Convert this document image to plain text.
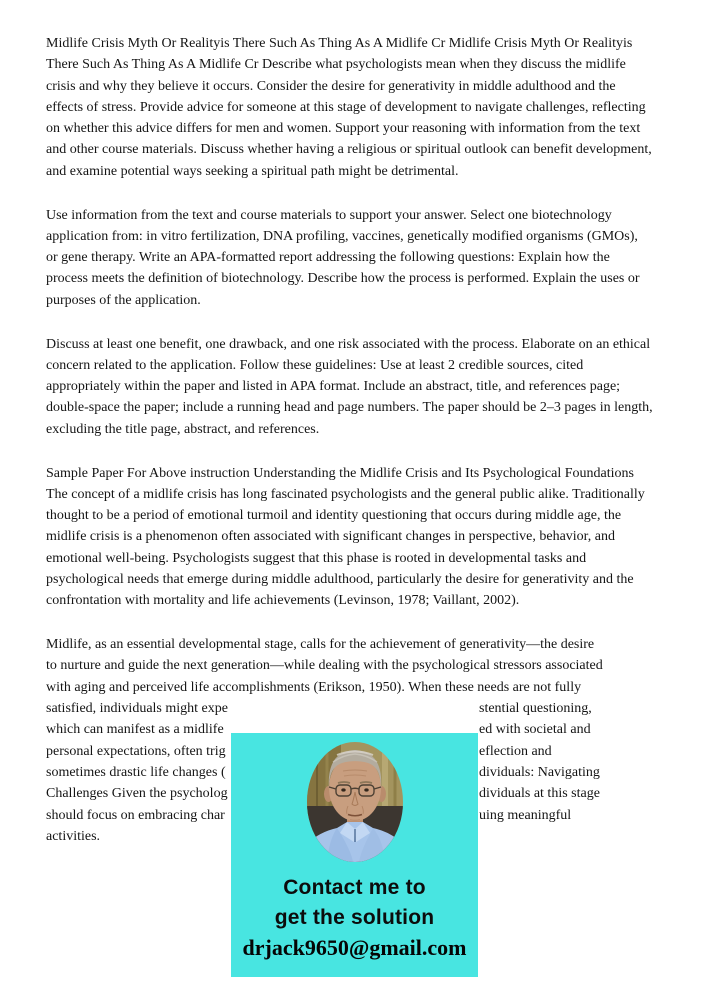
Midlife Crisis Myth Or Realityis There Such As Thing As A Midlife Cr Midlife Crisis Myth Or Realityis There Such As Thing As A Midlife Cr Describe what psychologists mean when they discuss the midlife crisis and why they believe it occurs. Consider the desire for generativity in middle adulthood and the effects of stress. Provide advice for someone at this stage of development to navigate challenges, reflecting on whether this advice differs for men and women. Support your reasoning with information from the text and other course materials. Discuss whether having a religious or spiritual outlook can benefit development, and examine potential ways seeking a spiritual path might be detrimental.

Use information from the text and course materials to support your answer. Select one biotechnology application from: in vitro fertilization, DNA profiling, vaccines, genetically modified organisms (GMOs), or gene therapy. Write an APA-formatted report addressing the following questions: Explain how the process meets the definition of biotechnology. Describe how the process is performed. Explain the uses or purposes of the application.

Discuss at least one benefit, one drawback, and one risk associated with the process. Elaborate on an ethical concern related to the application. Follow these guidelines: Use at least 2 credible sources, cited appropriately within the paper and listed in APA format. Include an abstract, title, and references page; double-space the paper; include a running head and page numbers. The paper should be 2–3 pages in length, excluding the title page, abstract, and references.

Sample Paper For Above instruction Understanding the Midlife Crisis and Its Psychological Foundations The concept of a midlife crisis has long fascinated psychologists and the general public alike. Traditionally thought to be a period of emotional turmoil and identity questioning that occurs during middle age, the midlife crisis is a phenomenon often associated with significant changes in perspective, behavior, and emotional well-being. Psychologists suggest that this phase is rooted in developmental tasks and psychological needs that emerge during middle adulthood, particularly the desire for generativity and the confrontation with mortality and life achievements (Levinson, 1978; Vaillant, 2002).

Midlife, as an essential developmental stage, calls for the achievement of generativity—the desire
to nurture and guide the next generation—while dealing with the psychological stressors associated
with aging and perceived life accomplishments (Erikson, 1950). When these needs are not fully
satisfied, individuals might expe	stential questioning,
which can manifest as a midlife	ed with societal and
personal expectations, often trig	eflection and
sometimes drastic life changes (	dividuals: Navigating
Challenges Given the psycholog	dividuals at this stage
should focus on embracing char	uing meaningful
activities.
Contact me to
get the solution
drjack9650@gmail.com
